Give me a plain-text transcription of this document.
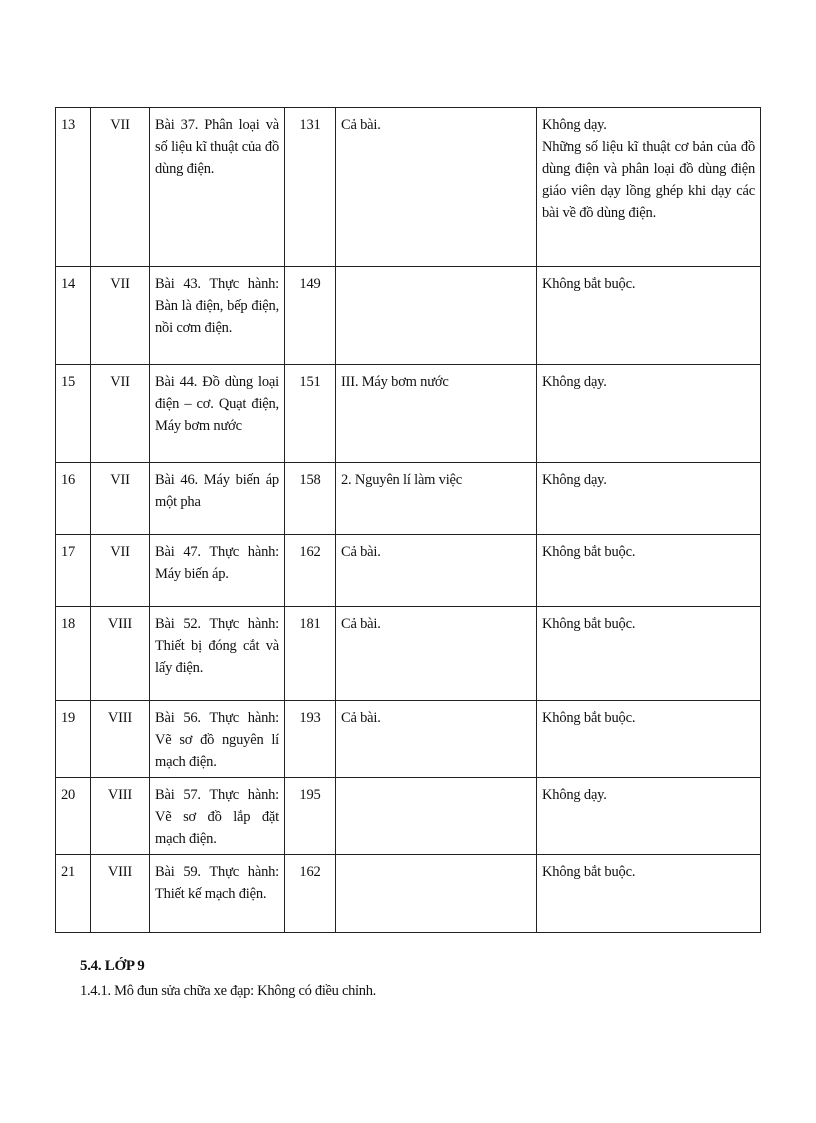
13	VII	Bài 37. Phân loại và số liệu kĩ thuật của đồ dùng điện.	131	Cả bài.	Không dạy.
Những số liệu kĩ thuật cơ bản của đồ dùng điện và phân loại đồ dùng điện giáo viên dạy lồng ghép khi dạy các bài về đồ dùng điện.

14	VII	Bài 43. Thực hành: Bàn là điện, bếp điện, nồi cơm điện.	149		Không bắt buộc.
15	VII	Bài 44. Đồ dùng loại điện – cơ. Quạt điện, Máy bơm nước	151	III. Máy bơm nước	Không dạy.
16	VII	Bài 46. Máy biến áp một pha	158	2. Nguyên lí làm việc	Không dạy.
17	VII	Bài 47. Thực hành: Máy biến áp.	162	Cả bài.	Không bắt buộc.
18	VIII	Bài 52. Thực hành: Thiết bị đóng cắt và lấy điện.	181	Cả bài.	Không bắt buộc.
19	VIII	Bài 56. Thực hành: Vẽ sơ đồ nguyên lí mạch điện.	193	Cả bài.	Không bắt buộc.
20	VIII	Bài 57. Thực hành: Vẽ sơ đồ lắp đặt mạch điện.	195		Không dạy.
21	VIII	Bài 59. Thực hành: Thiết kế mạch điện.	162		Không bắt buộc.
5.4. LỚP 9
1.4.1. Mô đun sửa chữa xe đạp: Không có điều chỉnh.
